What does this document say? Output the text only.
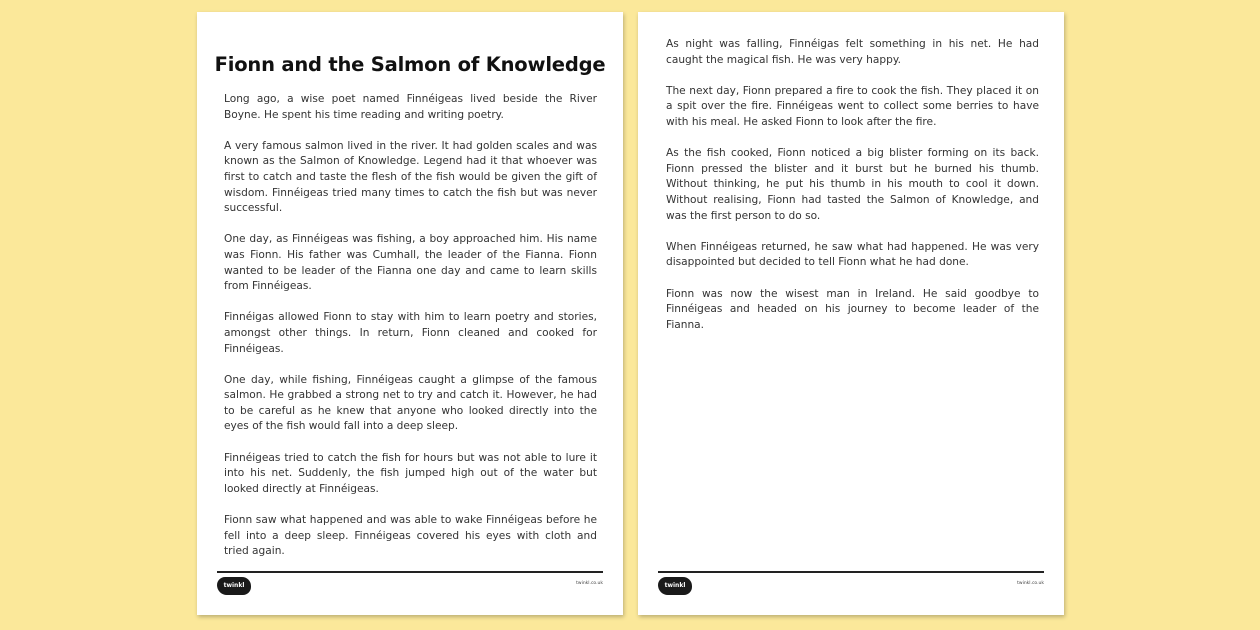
Fionn and the Salmon of Knowledge

Long ago, a wise poet named Finnéigeas lived beside the River Boyne. He spent his time reading and writing poetry.

A very famous salmon lived in the river. It had golden scales and was known as the Salmon of Knowledge. Legend had it that whoever was first to catch and taste the flesh of the fish would be given the gift of wisdom. Finnéigeas tried many times to catch the fish but was never successful.

One day, as Finnéigeas was fishing, a boy approached him. His name was Fionn. His father was Cumhall, the leader of the Fianna. Fionn wanted to be leader of the Fianna one day and came to learn skills from Finnéigeas.

Finnéigas allowed Fionn to stay with him to learn poetry and stories, amongst other things. In return, Fionn cleaned and cooked for Finnéigeas.

One day, while fishing, Finnéigeas caught a glimpse of the famous salmon. He grabbed a strong net to try and catch it. However, he had to be careful as he knew that anyone who looked directly into the eyes of the fish would fall into a deep sleep.

Finnéigeas tried to catch the fish for hours but was not able to lure it into his net. Suddenly, the fish jumped high out of the water but looked directly at Finnéigeas.

Fionn saw what happened and was able to wake Finnéigeas before he fell into a deep sleep. Finnéigeas covered his eyes with cloth and tried again.

twinkl	twinkl.co.uk

As night was falling, Finnéigas felt something in his net. He had caught the magical fish. He was very happy.

The next day, Fionn prepared a fire to cook the fish. They placed it on a spit over the fire. Finnéigeas went to collect some berries to have with his meal. He asked Fionn to look after the fire.

As the fish cooked, Fionn noticed a big blister forming on its back. Fionn pressed the blister and it burst but he burned his thumb. Without thinking, he put his thumb in his mouth to cool it down. Without realising, Fionn had tasted the Salmon of Knowledge, and was the first person to do so.

When Finnéigeas returned, he saw what had happened. He was very disappointed but decided to tell Fionn what he had done.

Fionn was now the wisest man in Ireland. He said goodbye to Finnéigeas and headed on his journey to become leader of the Fianna.

twinkl	twinkl.co.uk
